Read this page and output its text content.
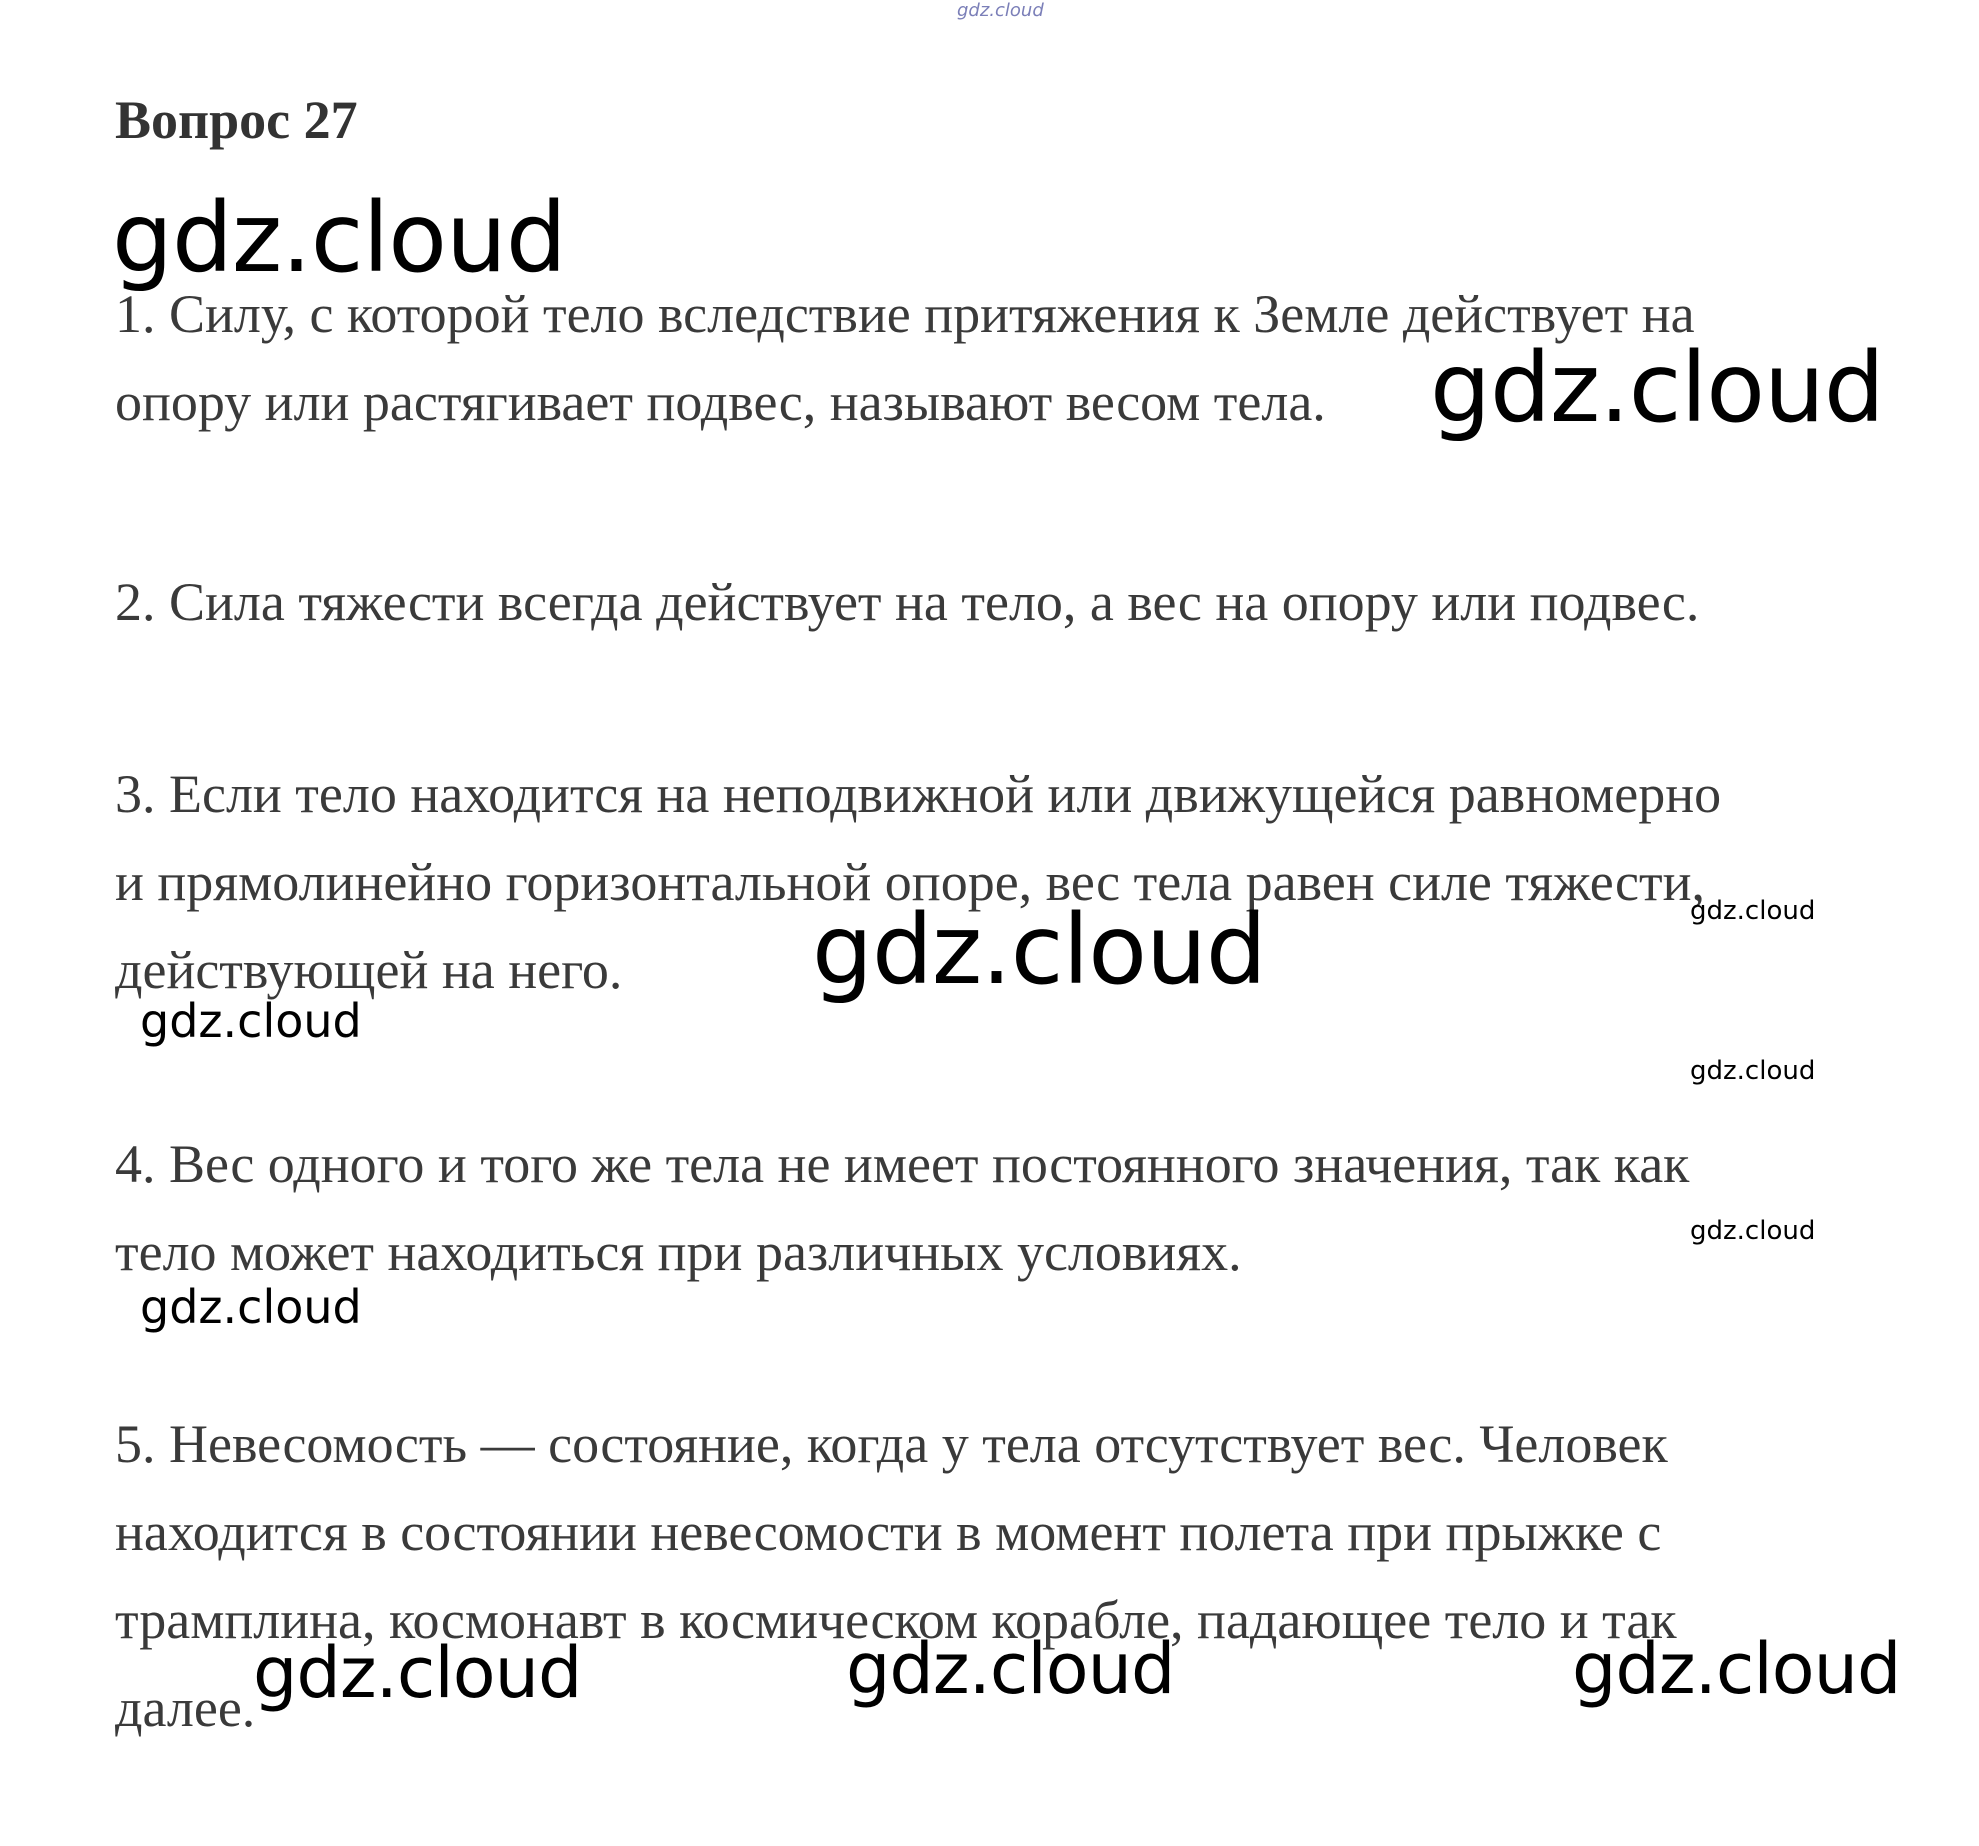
gdz.cloud
Вопрос 27

1. Силу, с которой тело вследствие притяжения к Земле действует на
опору или растягивает подвес, называют весом тела.

2. Сила тяжести всегда действует на тело, а вес на опору или подвес.

3. Если тело находится на неподвижной или движущейся равномерно
и прямолинейно горизонтальной опоре, вес тела равен силе тяжести,
действующей на него.

4. Вес одного и того же тела не имеет постоянного значения, так как
тело может находиться при различных условиях.

5. Невесомость — состояние, когда у тела отсутствует вес. Человек
находится в состоянии невесомости в момент полета при прыжке с
трамплина, космонавт в космическом корабле, падающее тело и так
далее.

gdz.cloud
gdz.cloud
gdz.cloud	gdz.cloud
gdz.cloud
gdz.cloud
gdz.cloud
gdz.cloud
gdz.cloud	gdz.cloud	gdz.cloud
